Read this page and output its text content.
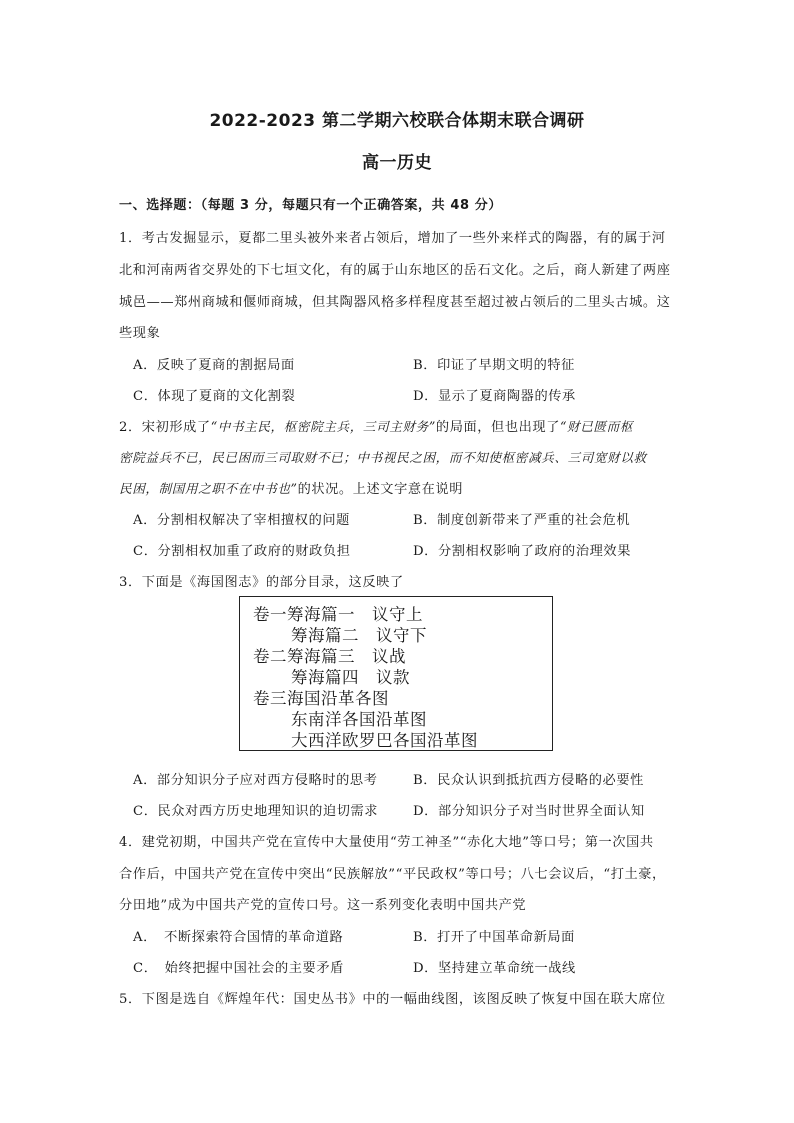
2022-2023 第二学期六校联合体期末联合调研
高一历史
一、选择题：（每题 3 分，每题只有一个正确答案，共 48 分）
1．考古发掘显示，夏都二里头被外来者占领后，增加了一些外来样式的陶器，有的属于河
北和河南两省交界处的下七垣文化，有的属于山东地区的岳石文化。之后，商人新建了两座
城邑——郑州商城和偃师商城，但其陶器风格多样程度甚至超过被占领后的二里头古城。这
些现象
A．反映了夏商的割据局面	B．印证了早期文明的特征
C．体现了夏商的文化割裂	D．显示了夏商陶器的传承
2．宋初形成了“中书主民，枢密院主兵，三司主财务”的局面，但也出现了“财已匮而枢
密院益兵不已，民已困而三司取财不已；中书视民之困，而不知使枢密减兵、三司宽财以救
民困，制国用之职不在中书也”的状况。上述文字意在说明
A．分割相权解决了宰相擅权的问题	B．制度创新带来了严重的社会危机
C．分割相权加重了政府的财政负担	D．分割相权影响了政府的治理效果
3．下面是《海国图志》的部分目录，这反映了
卷一筹海篇一　议守上
筹海篇二　议守下
卷二筹海篇三　议战
筹海篇四　议款
卷三海国沿革各图
东南洋各国沿革图
大西洋欧罗巴各国沿革图
A．部分知识分子应对西方侵略时的思考	B．民众认识到抵抗西方侵略的必要性
C．民众对西方历史地理知识的迫切需求	D．部分知识分子对当时世界全面认知
4．建党初期，中国共产党在宣传中大量使用“劳工神圣”“赤化大地”等口号；第一次国共
合作后，中国共产党在宣传中突出“民族解放”“平民政权”等口号；八七会议后，“打土豪，
分田地”成为中国共产党的宣传口号。这一系列变化表明中国共产党
A．　不断探索符合国情的革命道路	B．打开了中国革命新局面
C．　始终把握中国社会的主要矛盾	D．坚持建立革命统一战线
5．下图是选自《辉煌年代：国史丛书》中的一幅曲线图，该图反映了恢复中国在联大席位
